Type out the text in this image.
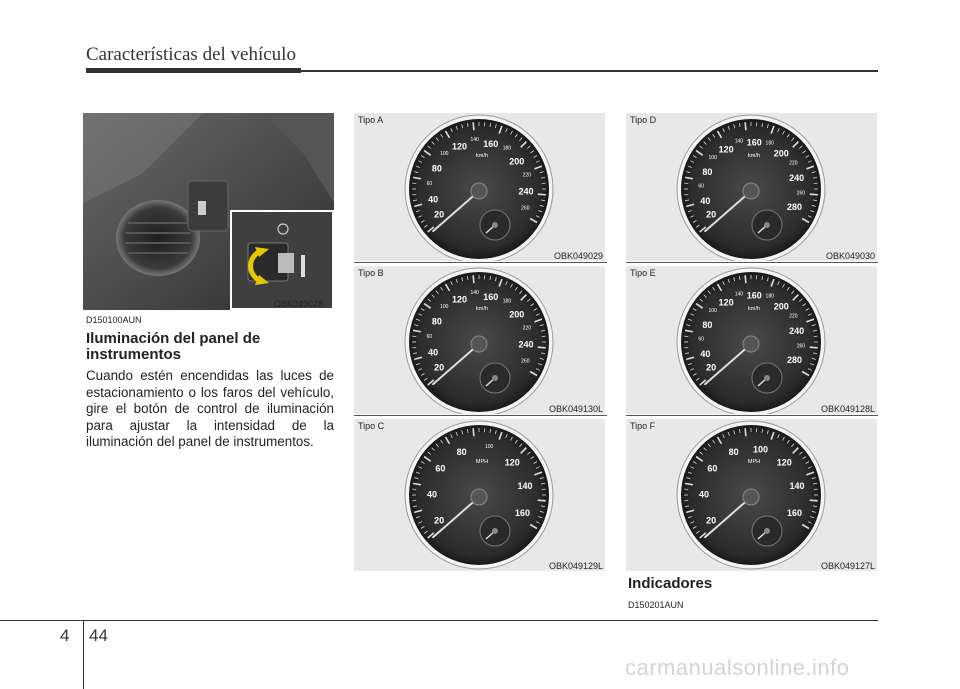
Características del vehículo
OBK049028
D150100AUN
Iluminación del panel de instrumentos
Cuando estén encendidas las luces de estacionamiento o los faros del vehículo, gire el botón de control de iluminación para ajustar la intensidad de la iluminación del panel de instrumentos.
20
40
60
80
100
120
140 160 180
200
220
240
260
km/h
Tipo A
OBK049029
20
40
60
80
100
120
140 160 180
200
220
240
260
km/h
Tipo B
OBK049130L
20
40
60
80	100
120
140
160
MPH
Tipo C
OBK049129L
20
40
60
80
100
120
140 160 180
200
220
240
260
280
km/h
Tipo D
OBK049030
20
40
60
80
100
120
140 160 180
200
220
240
260
280
km/h
Tipo E
OBK049128L
20
40
60
80 100
120
140
160
MPH
Tipo F
OBK049127L
Indicadores
D150201AUN
4 44
carmanualsonline.info
